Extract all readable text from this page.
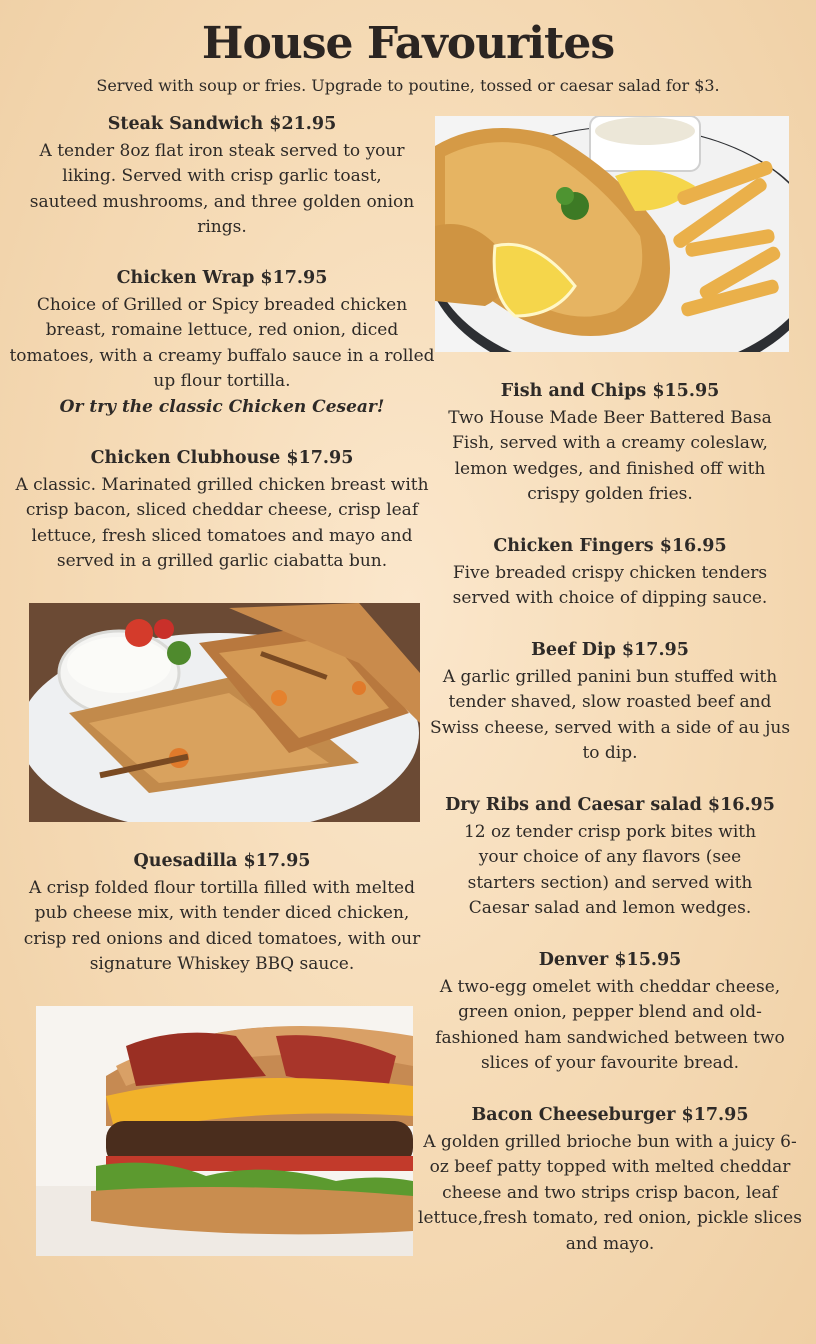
House Favourites
Served with soup or fries. Upgrade to poutine, tossed or caesar salad for $3.
Steak Sandwich $21.95
A tender 8oz flat iron steak served to your liking. Served with crisp garlic toast, sauteed mushrooms, and three golden onion rings.
Chicken Wrap $17.95
Choice of Grilled or Spicy breaded chicken breast, romaine lettuce, red onion, diced tomatoes, with a creamy buffalo sauce in a rolled up flour tortilla.
Or try the classic Chicken Cesear!
Chicken Clubhouse $17.95
A classic. Marinated grilled chicken breast with crisp bacon, sliced cheddar cheese, crisp leaf lettuce, fresh sliced tomatoes and mayo and served in a grilled garlic ciabatta bun.
Quesadilla $17.95
A crisp folded flour tortilla filled with melted pub cheese mix, with tender diced chicken, crisp red onions and diced tomatoes, with our signature Whiskey BBQ sauce.
Fish and Chips $15.95
Two House Made Beer Battered Basa Fish, served with a creamy coleslaw, lemon wedges, and finished off with crispy golden fries.
Chicken Fingers $16.95
Five breaded crispy chicken tenders served with choice of dipping sauce.
Beef Dip $17.95
A garlic grilled panini bun stuffed with tender shaved, slow roasted beef and Swiss cheese, served with a side of au jus to dip.
Dry Ribs and Caesar salad $16.95
12 oz tender crisp pork bites with your choice of any flavors (see starters section) and served with Caesar salad and lemon wedges.
Denver $15.95
A two-egg omelet with cheddar cheese, green onion, pepper blend and old-fashioned ham sandwiched between two slices of your favourite bread.
Bacon Cheeseburger $17.95
A golden grilled brioche bun with a juicy 6-oz beef patty topped with melted cheddar cheese and two strips crisp bacon, leaf lettuce,fresh tomato, red onion, pickle slices and mayo.
